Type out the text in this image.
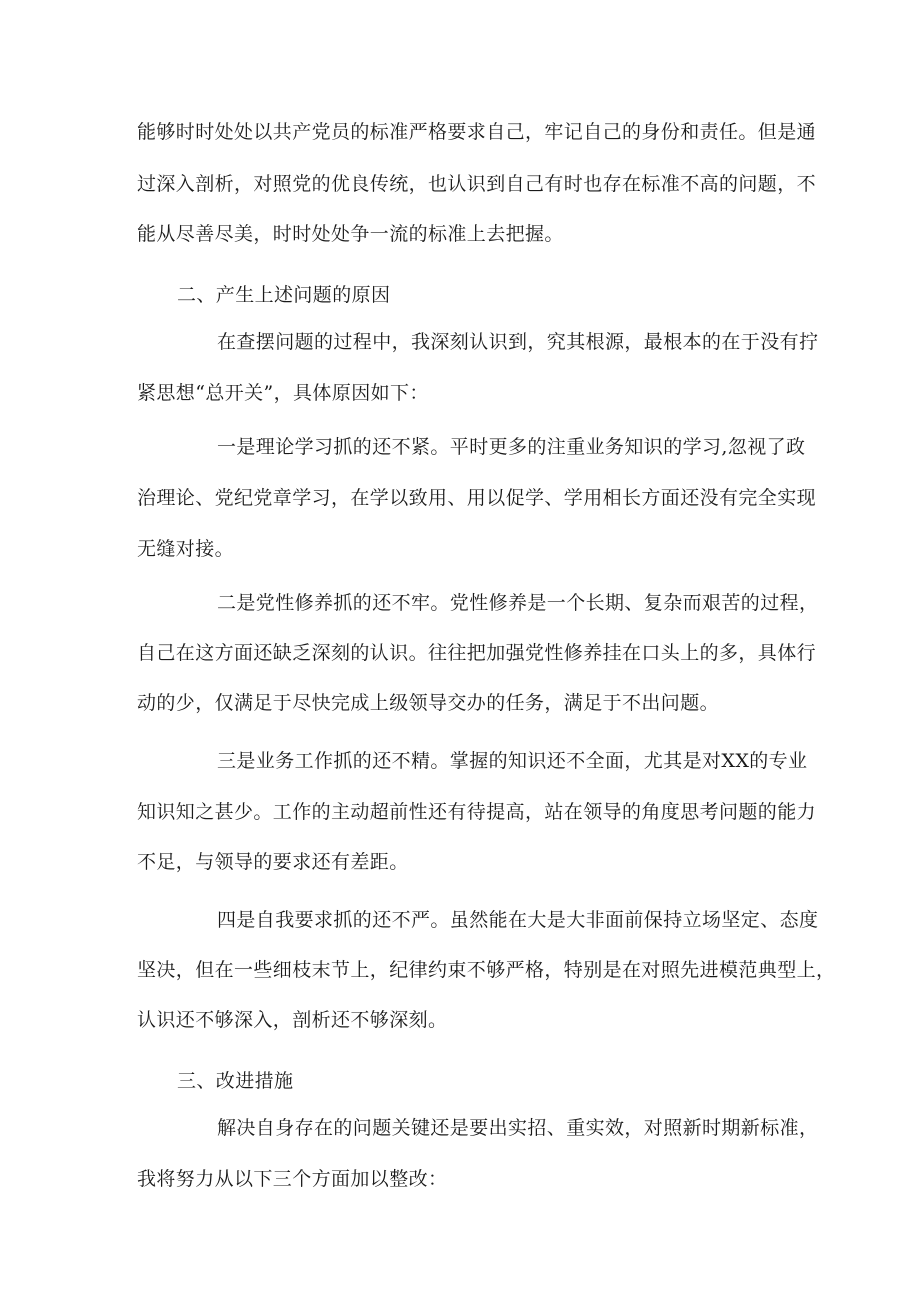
能够时时处处以共产党员的标准严格要求自己，牢记自己的身份和责任。但是通
过深入剖析，对照党的优良传统，也认识到自己有时也存在标准不高的问题，不
能从尽善尽美，时时处处争一流的标准上去把握。
二、产生上述问题的原因
在查摆问题的过程中，我深刻认识到，究其根源，最根本的在于没有拧
紧思想“总开关”，具体原因如下：
一是理论学习抓的还不紧。平时更多的注重业务知识的学习,忽视了政
治理论、党纪党章学习，在学以致用、用以促学、学用相长方面还没有完全实现
无缝对接。
二是党性修养抓的还不牢。党性修养是一个长期、复杂而艰苦的过程，
自己在这方面还缺乏深刻的认识。往往把加强党性修养挂在口头上的多，具体行
动的少，仅满足于尽快完成上级领导交办的任务，满足于不出问题。
三是业务工作抓的还不精。掌握的知识还不全面，尤其是对XX的专业
知识知之甚少。工作的主动超前性还有待提高，站在领导的角度思考问题的能力
不足，与领导的要求还有差距。
四是自我要求抓的还不严。虽然能在大是大非面前保持立场坚定、态度
坚决，但在一些细枝末节上，纪律约束不够严格，特别是在对照先进模范典型上，
认识还不够深入，剖析还不够深刻。
三、改进措施
解决自身存在的问题关键还是要出实招、重实效，对照新时期新标准，
我将努力从以下三个方面加以整改：
